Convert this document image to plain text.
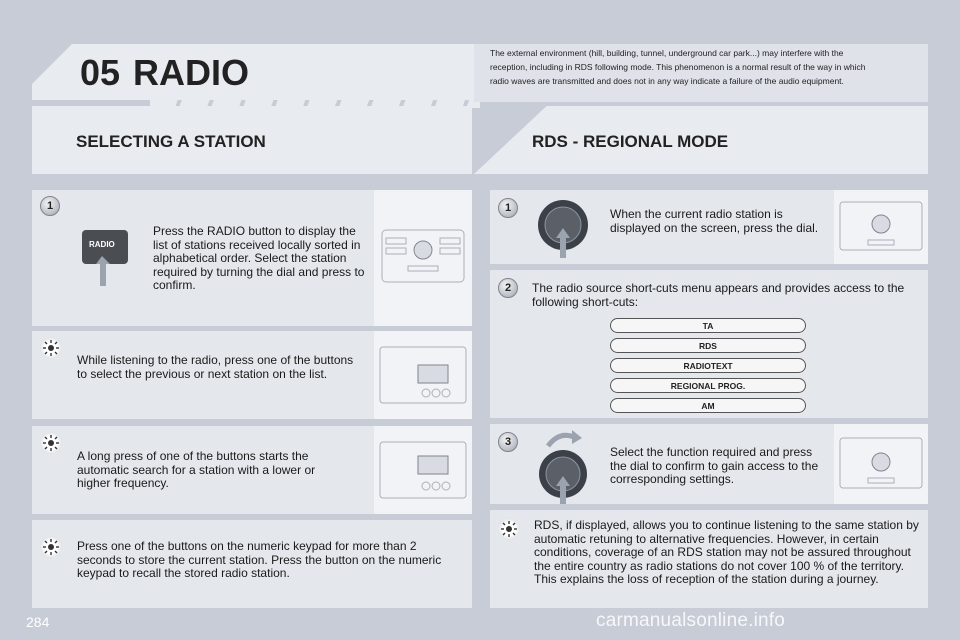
05 RADIO	The external environment (hill, building, tunnel, underground car park...) may interfere with the reception, including in RDS following mode. This phenomenon is a normal result of the way in which radio waves are transmitted and does not in any way indicate a failure of the audio equipment.
SELECTING A STATION	RDS - REGIONAL MODE
1
RADIO
Press the RADIO button to display the list of stations received locally sorted in alphabetical order. Select the station required by turning the dial and press to confirm.
While listening to the radio, press one of the buttons to select the previous or next station on the list.
A long press of one of the buttons starts the automatic search for a station with a lower or higher frequency.
Press one of the buttons on the numeric keypad for more than 2 seconds to store the current station. Press the button on the numeric keypad to recall the stored radio station.
1	When the current radio station is displayed on the screen, press the dial.
2	The radio source short-cuts menu appears and provides access to the following short-cuts:
TA
RDS
RADIOTEXT
REGIONAL PROG.
AM
3
Select the function required and press the dial to confirm to gain access to the corresponding settings.
RDS, if displayed, allows you to continue listening to the same station by automatic retuning to alternative frequencies. However, in certain conditions, coverage of an RDS station may not be assured throughout the entire country as radio stations do not cover 100 % of the territory. This explains the loss of reception of the station during a journey.
284	carmanualsonline.info
